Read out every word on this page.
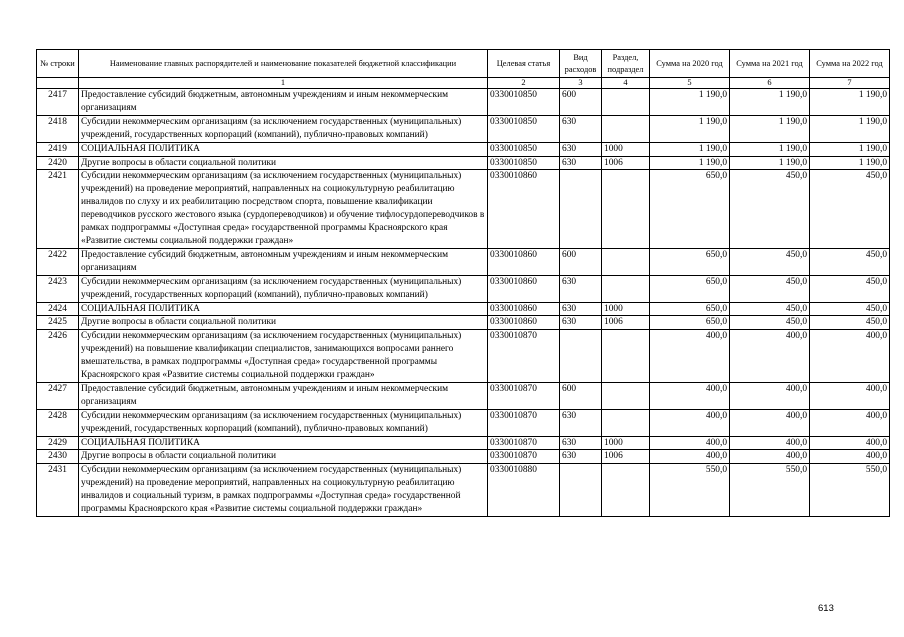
№ строки	Наименование главных распорядителей и наименование показателей бюджетной классификации	Целевая статья	Вид расходов	Раздел, подраздел	Сумма на 2020 год	Сумма на 2021 год	Сумма на 2022 год
	1	2	3	4	5	6	7
2417	Предоставление субсидий бюджетным, автономным учреждениям и иным некоммерческим организациям	0330010850	600		1 190,0	1 190,0	1 190,0
2418	Субсидии некоммерческим организациям (за исключением государственных (муниципальных) учреждений, государственных корпораций (компаний), публично-правовых компаний)	0330010850	630		1 190,0	1 190,0	1 190,0
2419	СОЦИАЛЬНАЯ ПОЛИТИКА	0330010850	630	1000	1 190,0	1 190,0	1 190,0
2420	Другие вопросы в области социальной политики	0330010850	630	1006	1 190,0	1 190,0	1 190,0
2421	Субсидии некоммерческим организациям (за исключением государственных (муниципальных) учреждений) на проведение мероприятий, направленных на социокультурную реабилитацию инвалидов по слуху и их реабилитацию посредством спорта, повышение квалификации переводчиков русского жестового языка (сурдопереводчиков) и обучение тифлосурдопереводчиков в рамках подпрограммы «Доступная среда» государственной программы Красноярского края «Развитие системы социальной поддержки граждан»	0330010860			650,0	450,0	450,0
2422	Предоставление субсидий бюджетным, автономным учреждениям и иным некоммерческим организациям	0330010860	600		650,0	450,0	450,0
2423	Субсидии некоммерческим организациям (за исключением государственных (муниципальных) учреждений, государственных корпораций (компаний), публично-правовых компаний)	0330010860	630		650,0	450,0	450,0
2424	СОЦИАЛЬНАЯ ПОЛИТИКА	0330010860	630	1000	650,0	450,0	450,0
2425	Другие вопросы в области социальной политики	0330010860	630	1006	650,0	450,0	450,0
2426	Субсидии некоммерческим организациям (за исключением государственных (муниципальных) учреждений) на повышение квалификации специалистов, занимающихся вопросами раннего вмешательства, в рамках подпрограммы «Доступная среда» государственной программы Красноярского края «Развитие системы социальной поддержки граждан»	0330010870			400,0	400,0	400,0
2427	Предоставление субсидий бюджетным, автономным учреждениям и иным некоммерческим организациям	0330010870	600		400,0	400,0	400,0
2428	Субсидии некоммерческим организациям (за исключением государственных (муниципальных) учреждений, государственных корпораций (компаний), публично-правовых компаний)	0330010870	630		400,0	400,0	400,0
2429	СОЦИАЛЬНАЯ ПОЛИТИКА	0330010870	630	1000	400,0	400,0	400,0
2430	Другие вопросы в области социальной политики	0330010870	630	1006	400,0	400,0	400,0
2431	Субсидии некоммерческим организациям (за исключением государственных (муниципальных) учреждений) на проведение мероприятий, направленных на социокультурную реабилитацию инвалидов и социальный туризм, в рамках подпрограммы «Доступная среда» государственной программы Красноярского края «Развитие системы социальной поддержки граждан»	0330010880			550,0	550,0	550,0
613
